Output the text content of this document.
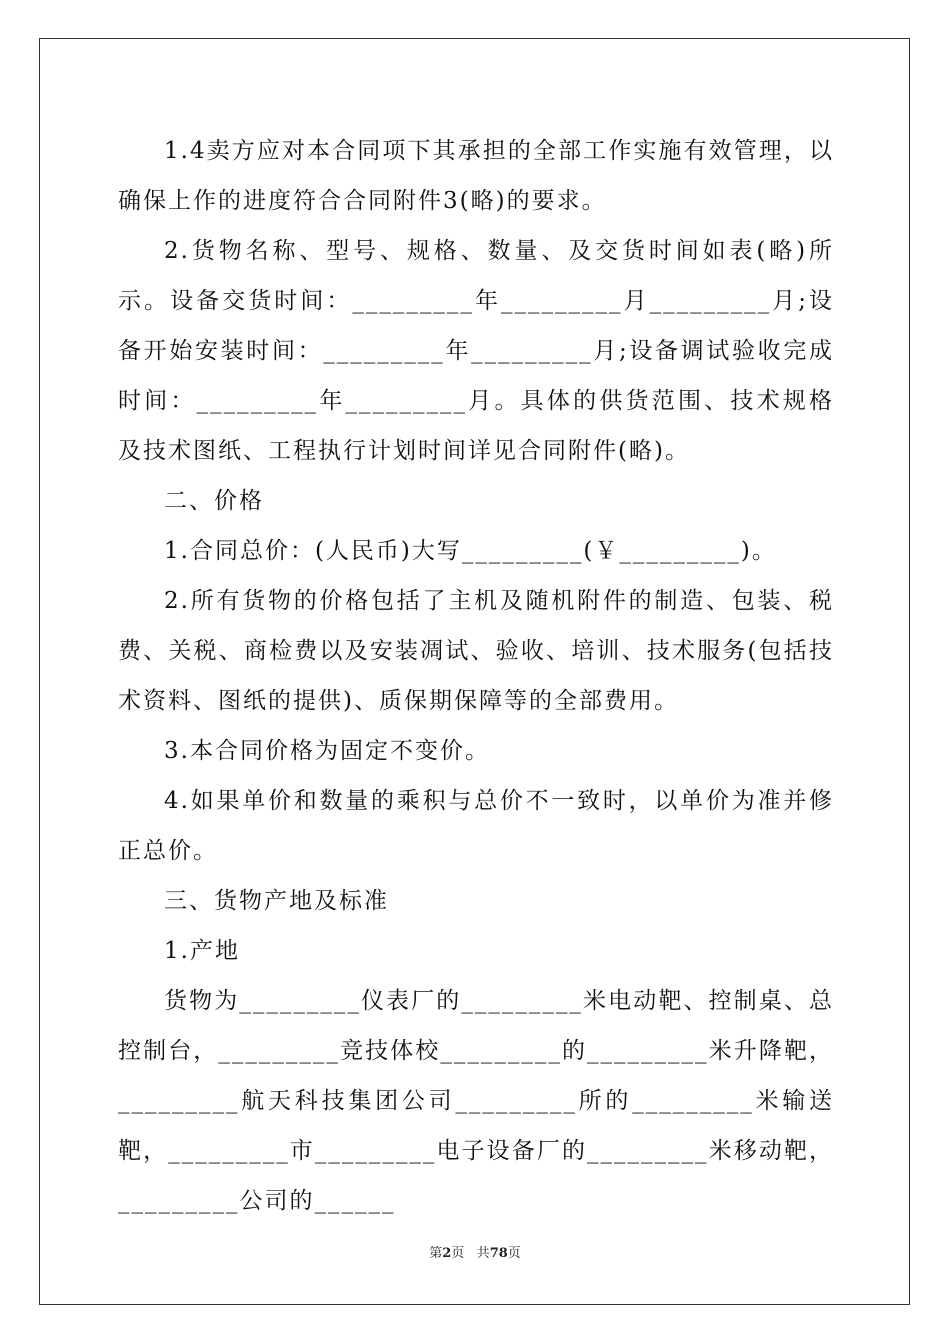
1.4卖方应对本合同项下其承担的全部工作实施有效管理，以确保上作的进度符合合同附件3(略)的要求。

2.货物名称、型号、规格、数量、及交货时间如表(略)所示。设备交货时间：_________年_________月_________月;设备开始安装时间：_________年_________月;设备调试验收完成时间：_________年_________月。具体的供货范围、技术规格及技术图纸、工程执行计划时间详见合同附件(略)。

二、价格

1.合同总价：(人民币)大写_________(￥_________)。

2.所有货物的价格包括了主机及随机附件的制造、包装、税费、关税、商检费以及安装凋试、验收、培训、技术服务(包括技术资料、图纸的提供)、质保期保障等的全部费用。

3.本合同价格为固定不变价。

4.如果单价和数量的乘积与总价不一致时，以单价为准并修正总价。

三、货物产地及标准

1.产地

货物为_________仪表厂的_________米电动靶、控制桌、总控制台，_________竞技体校_________的_________米升降靶，_________航天科技集团公司_________所的_________米输送靶，_________市_________电子设备厂的_________米移动靶，_________公司的______

第2页 共78页
